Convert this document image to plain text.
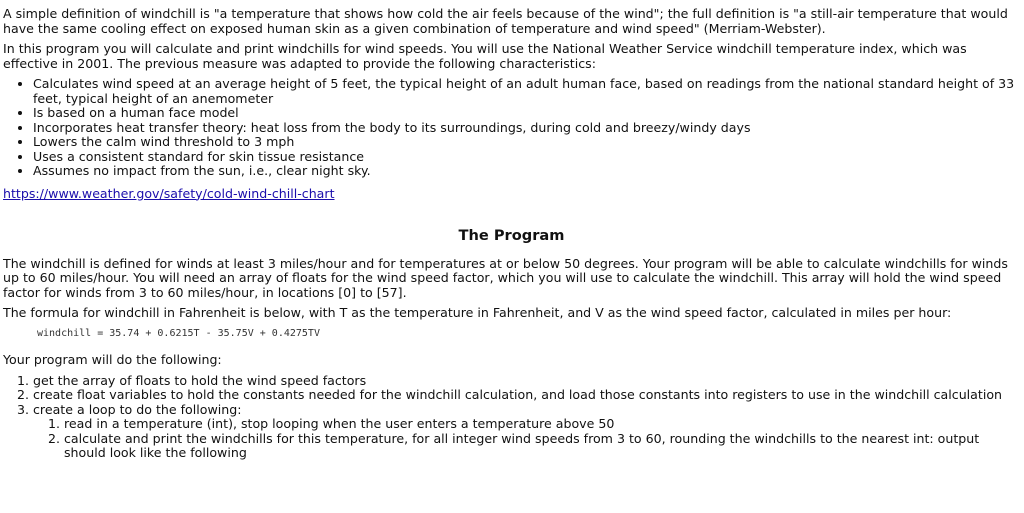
A simple definition of windchill is "a temperature that shows how cold the air feels because of the wind"; the full definition is "a still-air temperature that would have the same cooling effect on exposed human skin as a given combination of temperature and wind speed" (Merriam-Webster).

In this program you will calculate and print windchills for wind speeds. You will use the National Weather Service windchill temperature index, which was effective in 2001. The previous measure was adapted to provide the following characteristics:

• Calculates wind speed at an average height of 5 feet, the typical height of an adult human face, based on readings from the national standard height of 33 feet, typical height of an anemometer
• Is based on a human face model
• Incorporates heat transfer theory: heat loss from the body to its surroundings, during cold and breezy/windy days
• Lowers the calm wind threshold to 3 mph
• Uses a consistent standard for skin tissue resistance
• Assumes no impact from the sun, i.e., clear night sky.
https://www.weather.gov/safety/cold-wind-chill-chart
The Program

The windchill is defined for winds at least 3 miles/hour and for temperatures at or below 50 degrees. Your program will be able to calculate windchills for winds up to 60 miles/hour. You will need an array of floats for the wind speed factor, which you will use to calculate the windchill. This array will hold the wind speed factor for winds from 3 to 60 miles/hour, in locations [0] to [57].

The formula for windchill in Fahrenheit is below, with T as the temperature in Fahrenheit, and V as the wind speed factor, calculated in miles per hour:

windchill = 35.74 + 0.6215T - 35.75V + 0.4275TV

Your program will do the following:

1. get the array of floats to hold the wind speed factors
2. create float variables to hold the constants needed for the windchill calculation, and load those constants into registers to use in the windchill calculation
3. create a loop to do the following:
1. read in a temperature (int), stop looping when the user enters a temperature above 50
2. calculate and print the windchills for this temperature, for all integer wind speeds from 3 to 60, rounding the windchills to the nearest int: output should look like the following
